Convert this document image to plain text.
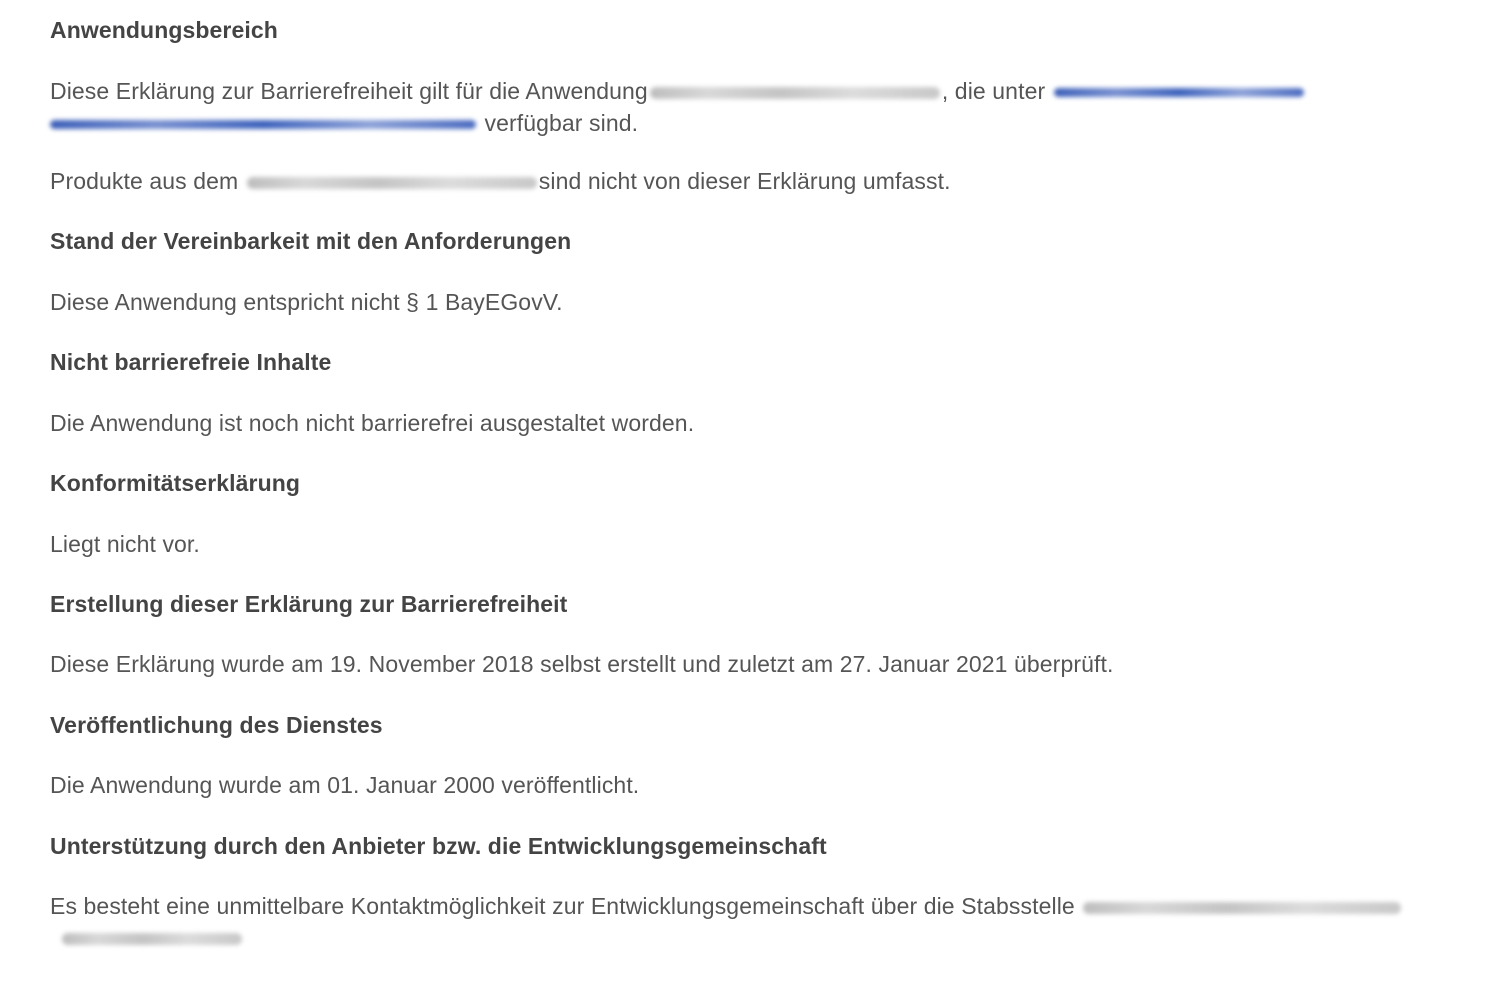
Anwendungsbereich
Diese Erklärung zur Barrierefreiheit gilt für die Anwendung	, die unter
verfügbar sind.
Produkte aus dem	sind nicht von dieser Erklärung umfasst.
Stand der Vereinbarkeit mit den Anforderungen
Diese Anwendung entspricht nicht § 1 BayEGovV.
Nicht barrierefreie Inhalte
Die Anwendung ist noch nicht barrierefrei ausgestaltet worden.
Konformitätserklärung
Liegt nicht vor.
Erstellung dieser Erklärung zur Barrierefreiheit
Diese Erklärung wurde am 19. November 2018 selbst erstellt und zuletzt am 27. Januar 2021 überprüft.
Veröffentlichung des Dienstes
Die Anwendung wurde am 01. Januar 2000 veröffentlicht.
Unterstützung durch den Anbieter bzw. die Entwicklungsgemeinschaft
Es besteht eine unmittelbare Kontaktmöglichkeit zur Entwicklungsgemeinschaft über die Stabsstelle
